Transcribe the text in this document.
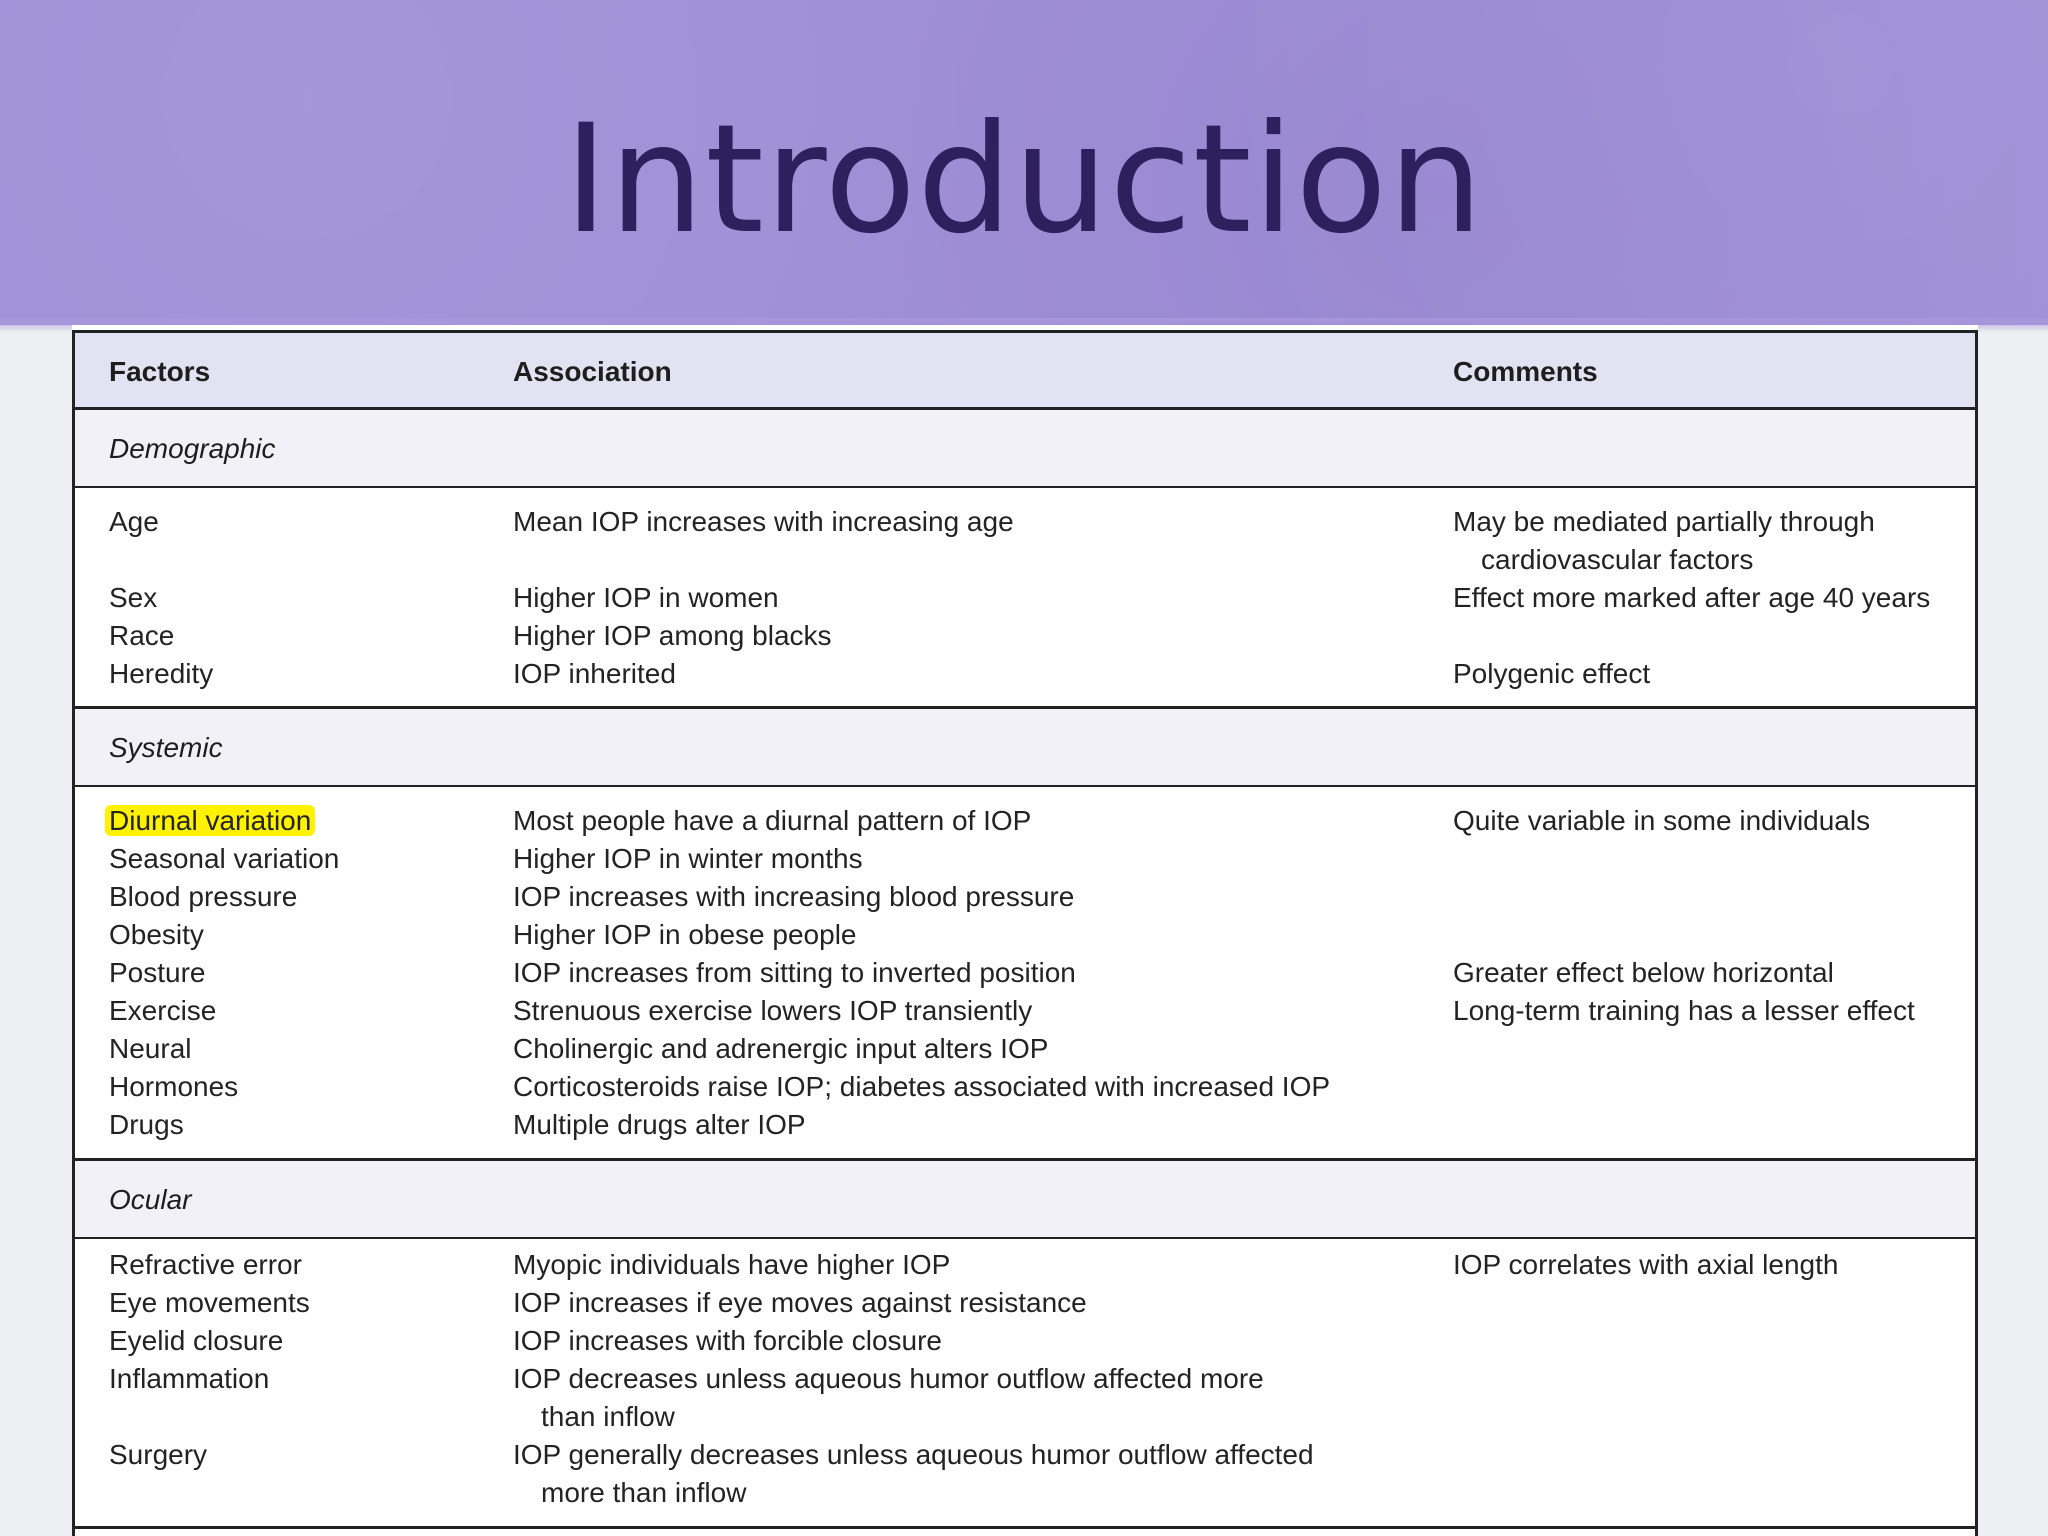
Introduction
Factors	Association	Comments
Demographic
Age	Mean IOP increases with increasing age	May be mediated partially through
cardiovascular factors
Sex	Higher IOP in women	Effect more marked after age 40 years
Race	Higher IOP among blacks
Heredity	IOP inherited	Polygenic effect
Systemic
Diurnal variation	Most people have a diurnal pattern of IOP	Quite variable in some individuals
Seasonal variation	Higher IOP in winter months
Blood pressure	IOP increases with increasing blood pressure
Obesity	Higher IOP in obese people
Posture	IOP increases from sitting to inverted position	Greater effect below horizontal
Exercise	Strenuous exercise lowers IOP transiently	Long-term training has a lesser effect
Neural	Cholinergic and adrenergic input alters IOP
Hormones	Corticosteroids raise IOP; diabetes associated with increased IOP
Drugs	Multiple drugs alter IOP
Ocular
Refractive error	Myopic individuals have higher IOP	IOP correlates with axial length
Eye movements	IOP increases if eye moves against resistance
Eyelid closure	IOP increases with forcible closure
Inflammation	IOP decreases unless aqueous humor outflow affected more
than inflow
Surgery	IOP generally decreases unless aqueous humor outflow affected
more than inflow
